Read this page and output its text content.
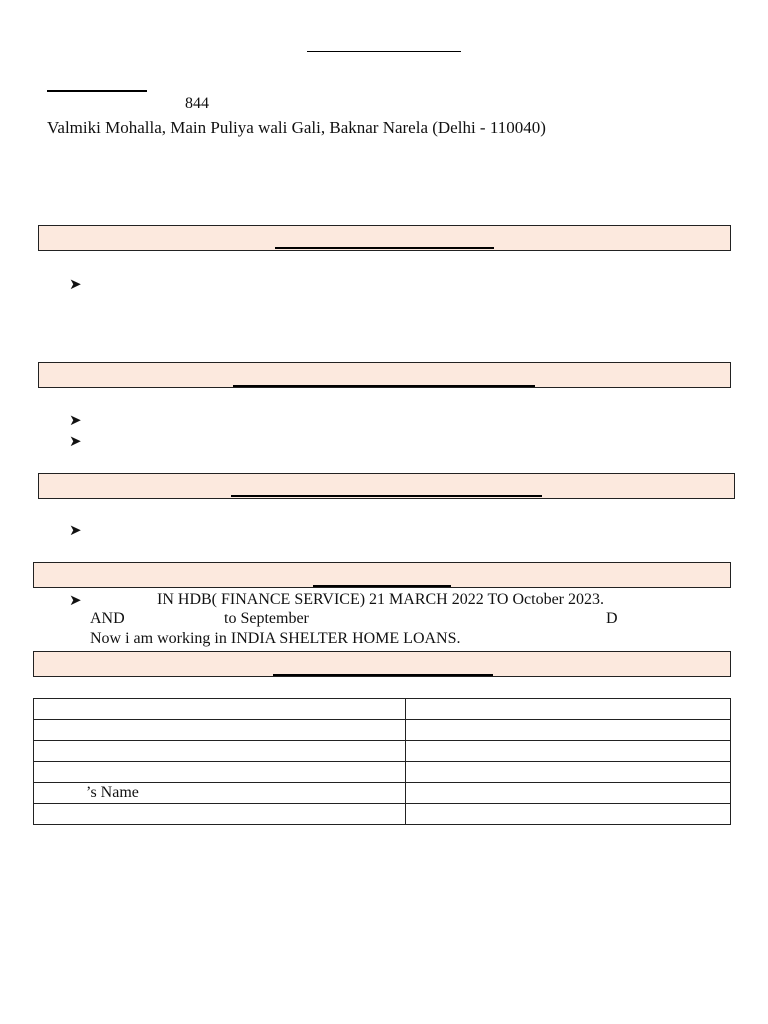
844
Valmiki Mohalla, Main Puliya wali Gali, Baknar Narela (Delhi - 110040)
➤
➤
➤
➤
➤	IN HDB( FINANCE SERVICE) 21 MARCH 2022 TO October 2023.
AND	to September	D
Now i am working in INDIA SHELTER HOME LOANS.

’s Name	
